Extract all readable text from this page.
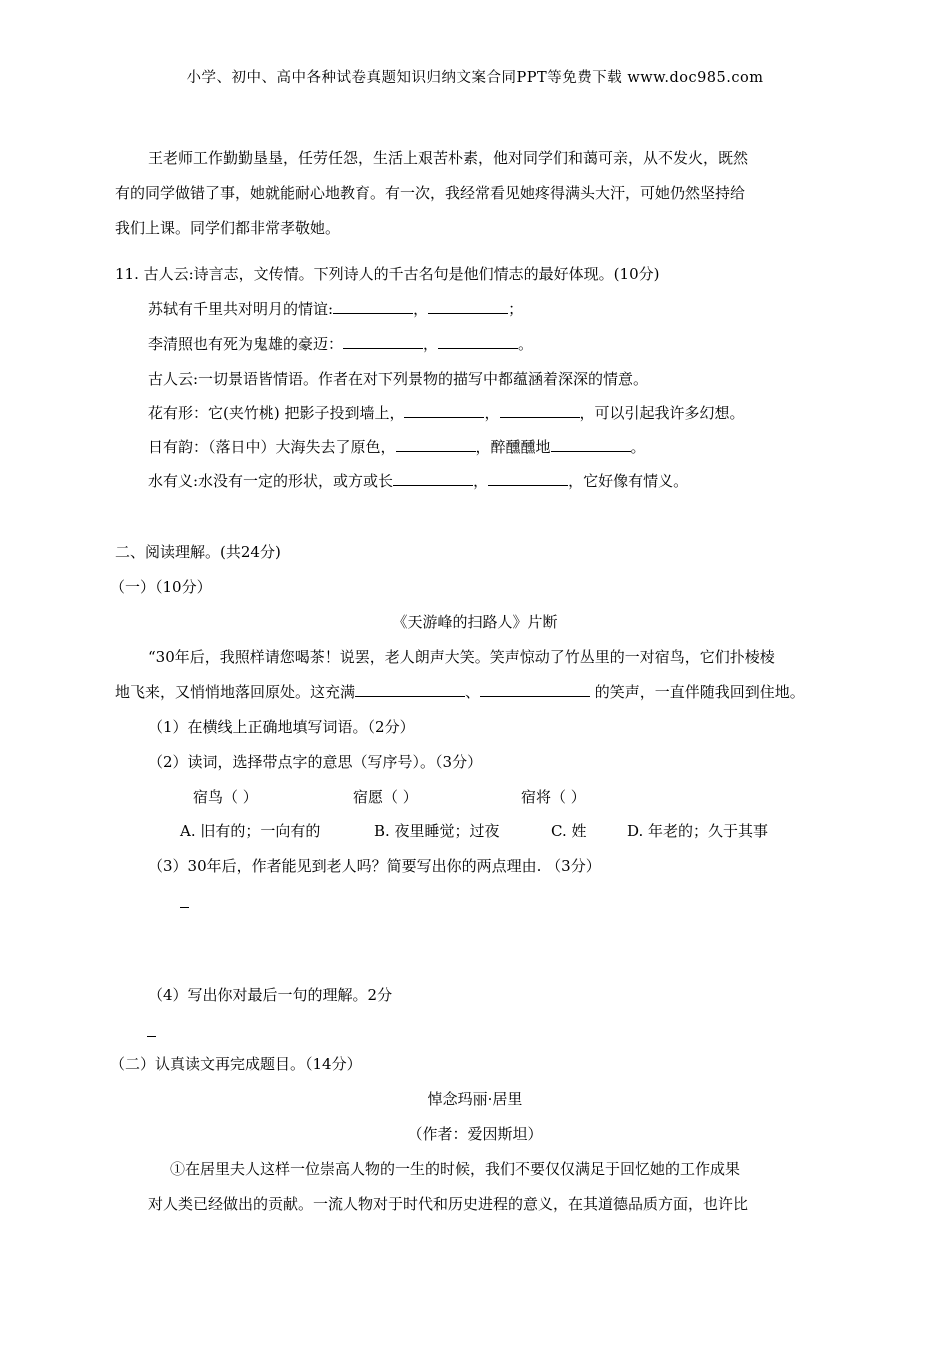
小学、初中、高中各种试卷真题知识归纳文案合同PPT等免费下载 www.doc985.com
王老师工作勤勤垦垦，任劳任怨，生活上艰苦朴素，他对同学们和蔼可亲，从不发火，既然
有的同学做错了事，她就能耐心地教育。有一次，我经常看见她疼得满头大汗，可她仍然坚持给
我们上课。同学们都非常孝敬她。
11. 古人云:诗言志，文传情。下列诗人的千古名句是他们情志的最好体现。(10分)
苏轼有千里共对明月的情谊:	，	；
李清照也有死为鬼雄的豪迈：	，	。
古人云:一切景语皆情语。作者在对下列景物的描写中都蕴涵着深深的情意。
花有形：它(夹竹桃) 把影子投到墙上，	，	，可以引起我许多幻想。
日有韵：（落日中）大海失去了原色，	，醉醺醺地	。
水有义:水没有一定的形状，或方或长	，	，它好像有情义。
二、阅读理解。(共24分)
（一）（10分）
《天游峰的扫路人》片断
“30年后，我照样请您喝茶！说罢，老人朗声大笑。笑声惊动了竹丛里的一对宿鸟，它们扑棱棱
地飞来，又悄悄地落回原处。这充满	、	的笑声，一直伴随我回到住地。
（1）在横线上正确地填写词语。（2分）
（2）读词，选择带点字的意思（写序号）。（3分）
宿鸟（ ）	宿愿（ ）	宿将（ ）
A. 旧有的；一向有的	B. 夜里睡觉；过夜	C. 姓	D. 年老的；久于其事
（3）30年后，作者能见到老人吗？简要写出你的两点理由. （3分）
（4）写出你对最后一句的理解。2分
（二）认真读文再完成题目。（14分）
悼念玛丽·居里
（作者：爱因斯坦）
①在居里夫人这样一位崇高人物的一生的时候，我们不要仅仅满足于回忆她的工作成果
对人类已经做出的贡献。一流人物对于时代和历史进程的意义，在其道德品质方面，也许比
